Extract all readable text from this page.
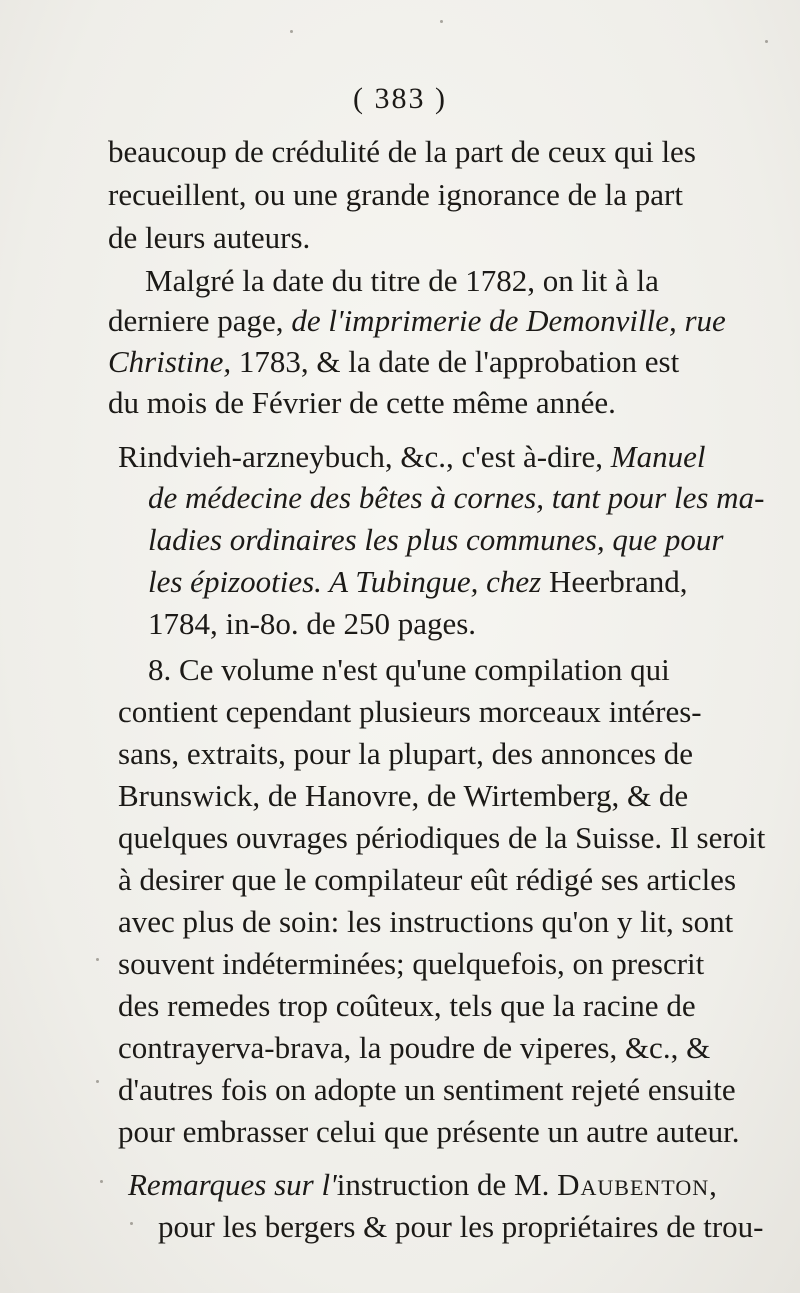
( 383 )
beaucoup de crédulité de la part de ceux qui les
recueillent, ou une grande ignorance de la part
de leurs auteurs.
Malgré la date du titre de 1782, on lit à la
derniere page, de l'imprimerie de Demonville, rue
Christine, 1783, & la date de l'approbation est
du mois de Février de cette même année.
Rindvieh-arzneybuch, &c., c'est à-dire, Manuel
de médecine des bêtes à cornes, tant pour les ma-
ladies ordinaires les plus communes, que pour
les épizooties. A Tubingue, chez Heerbrand,
1784, in-8o. de 250 pages.
8. Ce volume n'est qu'une compilation qui
contient cependant plusieurs morceaux intéres-
sans, extraits, pour la plupart, des annonces de
Brunswick, de Hanovre, de Wirtemberg, & de
quelques ouvrages périodiques de la Suisse. Il seroit
à desirer que le compilateur eût rédigé ses articles
avec plus de soin: les instructions qu'on y lit, sont
souvent indéterminées; quelquefois, on prescrit
des remedes trop coûteux, tels que la racine de
contrayerva-brava, la poudre de viperes, &c., &
d'autres fois on adopte un sentiment rejeté ensuite
pour embrasser celui que présente un autre auteur.
Remarques sur l'instruction de M. Daubenton,
pour les bergers & pour les propriétaires de trou-
